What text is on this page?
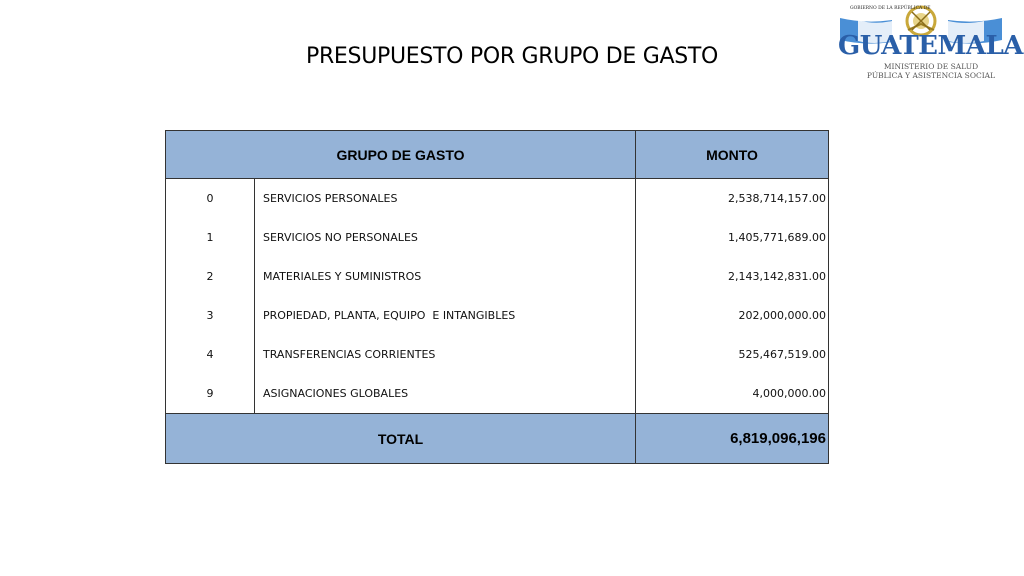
PRESUPUESTO POR GRUPO DE GASTO
GOBIERNO DE LA REPÚBLICA DE
GUATEMALA
MINISTERIO DE SALUD
PÚBLICA Y ASISTENCIA SOCIAL
GRUPO DE GASTO		MONTO
0	SERVICIOS PERSONALES	2,538,714,157.00
1	SERVICIOS NO PERSONALES	1,405,771,689.00
2	MATERIALES Y SUMINISTROS	2,143,142,831.00
3	PROPIEDAD, PLANTA, EQUIPO  E INTANGIBLES	202,000,000.00
4	TRANSFERENCIAS CORRIENTES	525,467,519.00
9	ASIGNACIONES GLOBALES	4,000,000.00
TOTAL		6,819,096,196
